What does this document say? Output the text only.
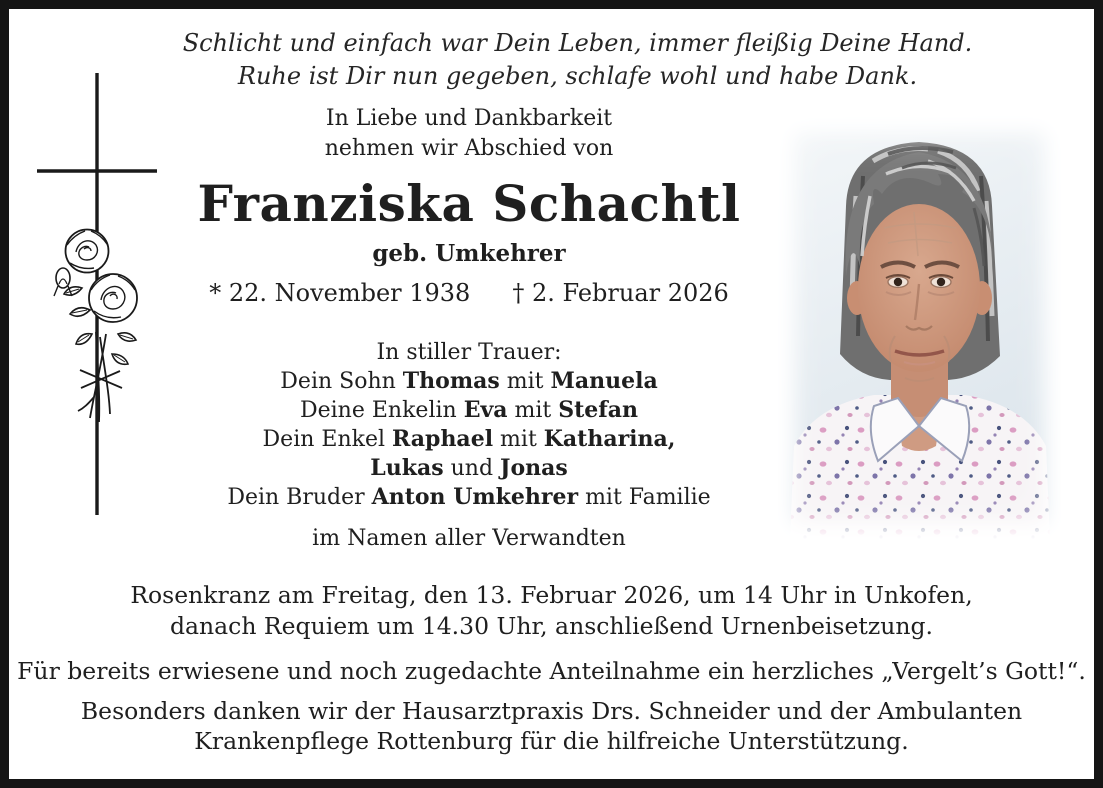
Schlicht und einfach war Dein Leben, immer fleißig Deine Hand.
Ruhe ist Dir nun gegeben, schlafe wohl und habe Dank.
In Liebe und Dankbarkeit
nehmen wir Abschied von
Franziska Schachtl
geb. Umkehrer
* 22. November 1938 † 2. Februar 2026
In stiller Trauer:
Dein Sohn Thomas mit Manuela
Deine Enkelin Eva mit Stefan
Dein Enkel Raphael mit Katharina,
Lukas und Jonas
Dein Bruder Anton Umkehrer mit Familie
im Namen aller Verwandten
Rosenkranz am Freitag, den 13. Februar 2026, um 14 Uhr in Unkofen,
danach Requiem um 14.30 Uhr, anschließend Urnenbeisetzung.
Für bereits erwiesene und noch zugedachte Anteilnahme ein herzliches „Vergelt’s Gott!“.
Besonders danken wir der Hausarztpraxis Drs. Schneider und der Ambulanten
Krankenpflege Rottenburg für die hilfreiche Unterstützung.
